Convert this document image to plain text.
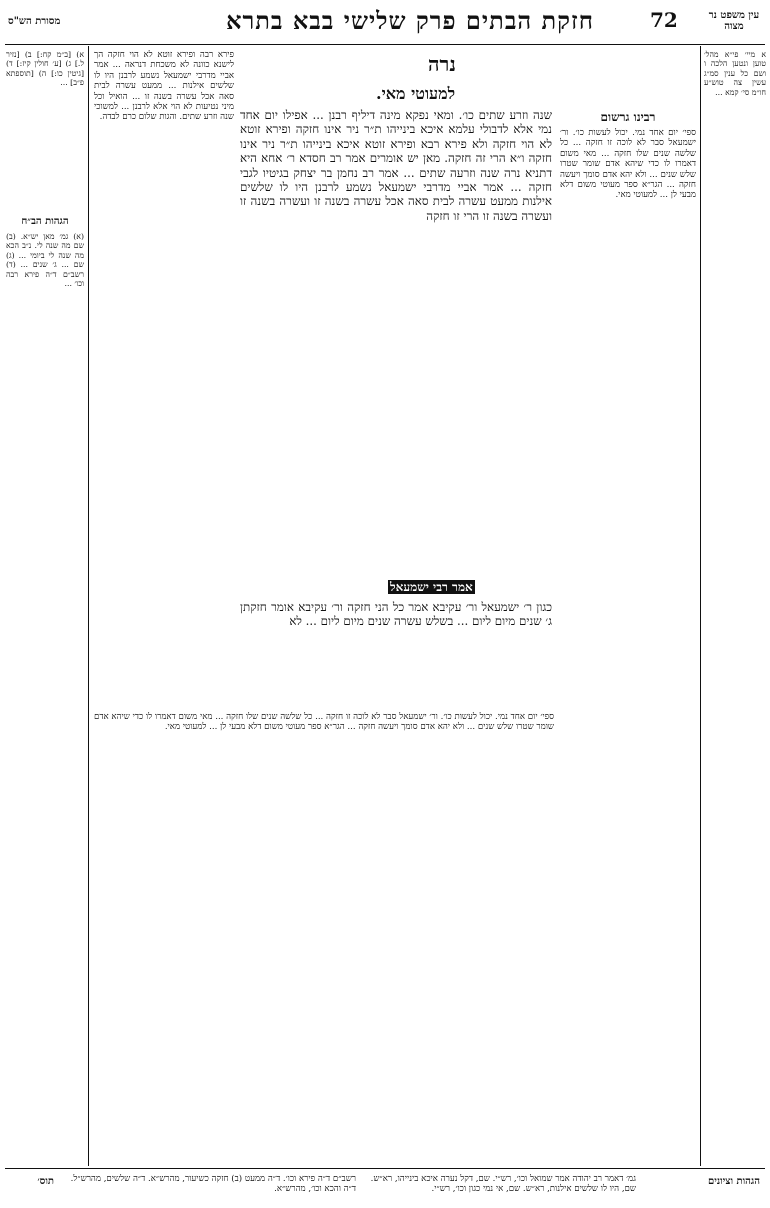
מסורת הש"ס	חזקת הבתים פרק שלישי בבא בתרא	72	עין משפט נר מצוה
א מיי׳ פי״א מהל׳ טוען ונטען הלכה ו ושם כל ענין סמ״ג עשין צה טוש״ע חו״מ סי׳ קמא ...
א) [ב״מ קח:] ב) [נזיר ל.] ג) [ע׳ חולין קיז:] ד) [גיטין כו:] ה) [תוספתא פ״ב] ...
הגהות הב״ח
(א) גמ׳ מאן יש״א. (ב) שם מה שנה לי. נ״ב הכא מה שנה לי ביומי ... (ג) שם ... ג׳ שנים ... (ד) רשב״ם ד״ה פירא רבה וכו׳ ...
רבינו גרשום
ספי׳ יום אחד נמי. יכול לעשות כו׳. ור׳ ישמעאל סבר לא לוכה זו חזקה ... כל שלשה שנים שלו חזקה ... מאי משום דאמרו לו כדי שיהא אדם שומר שטרו שלש שנים ... ולא יהא אדם סומך ויעשה חזקה ... הגר״א ספר מעוטי משום דלא מבעי לן ... למעוטי מאי.
נרה
למעוטי מאי.
שנה וזרע שתים כו׳. ומאי נפקא מינה דיליף רבנן ... אפילו יום אחד נמי אלא לדבולי עלמא איכא בינייהו ת״ר ניר אינו חזקה ופירא זוטא לא הוי חזקה ולא פירא רבא ופירא זוטא איכא בינייהו ת״ר ניר אינו חזקה ו״א הרי זה חזקה. מאן יש אומרים אמר רב חסדא ר׳ אחא היא דתניא נרה שנה וזרעה שתים ... אמר רב נחמן בר יצחק בגיטיו לגבי חזקה ... אמר אביי מדרבי ישמעאל נשמע לרבנן היו לו שלשים אילנות ממעט עשרה לבית סאה אכל עשרה בשנה זו ועשרה בשנה זו ועשרה בשנה זו הרי זו חזקה
אמר רבי ישמעאל
כגון ר׳ ישמעאל ור׳ עקיבא אמר כל הני חזקה ור׳ עקיבא אומר חזקתן ג׳ שנים מיום ליום ... בשלש עשרה שנים מיום ליום ... לא
פירא רבה ופירא זוטא לא הוי חזקה הך לישנא כוונה לא משכחת דנראה ... אמר אביי מדרבי ישמעאל נשמע לרבנן היו לו שלשים אילנות ... ממעט עשרה לבית סאה אכל עשרה בשנה זו ... הואיל וכל מיני נטיעות לא הוי אלא לרבנן ... למשוכי שנה וזרע שתים. והגות שלום כרם לבדה.
ספי׳ יום אחד נמי. יכול לעשות כו׳. ור׳ ישמעאל סבר לא לוכה זו חזקה ... כל שלשה שנים שלו חזקה ... מאי משום דאמרו לו כדי שיהא אדם שומר שטרו שלש שנים ... ולא יהא אדם סומך ויעשה חזקה ... הגר״א ספר מעוטי משום דלא מבעי לן ... למעוטי מאי.
הגהות וציונים
גמ׳ דאמר רב יהודה אמר שמואל וכו׳, רש״י. שם, דקל נערה איכא בינייהו, רא״ש. שם, היו לו שלשים אילנות, רא״ש. שם, אי נמי כגון וכו׳, רש״י.
רשב״ם ד״ה פירא וכו׳. ד״ה ממעט (ב) חזקה כשיעור, מהרש״א. ד״ה שלשים, מהרש״ל. ד״ה והכא וכו׳, מהרש״א.
תוס׳
